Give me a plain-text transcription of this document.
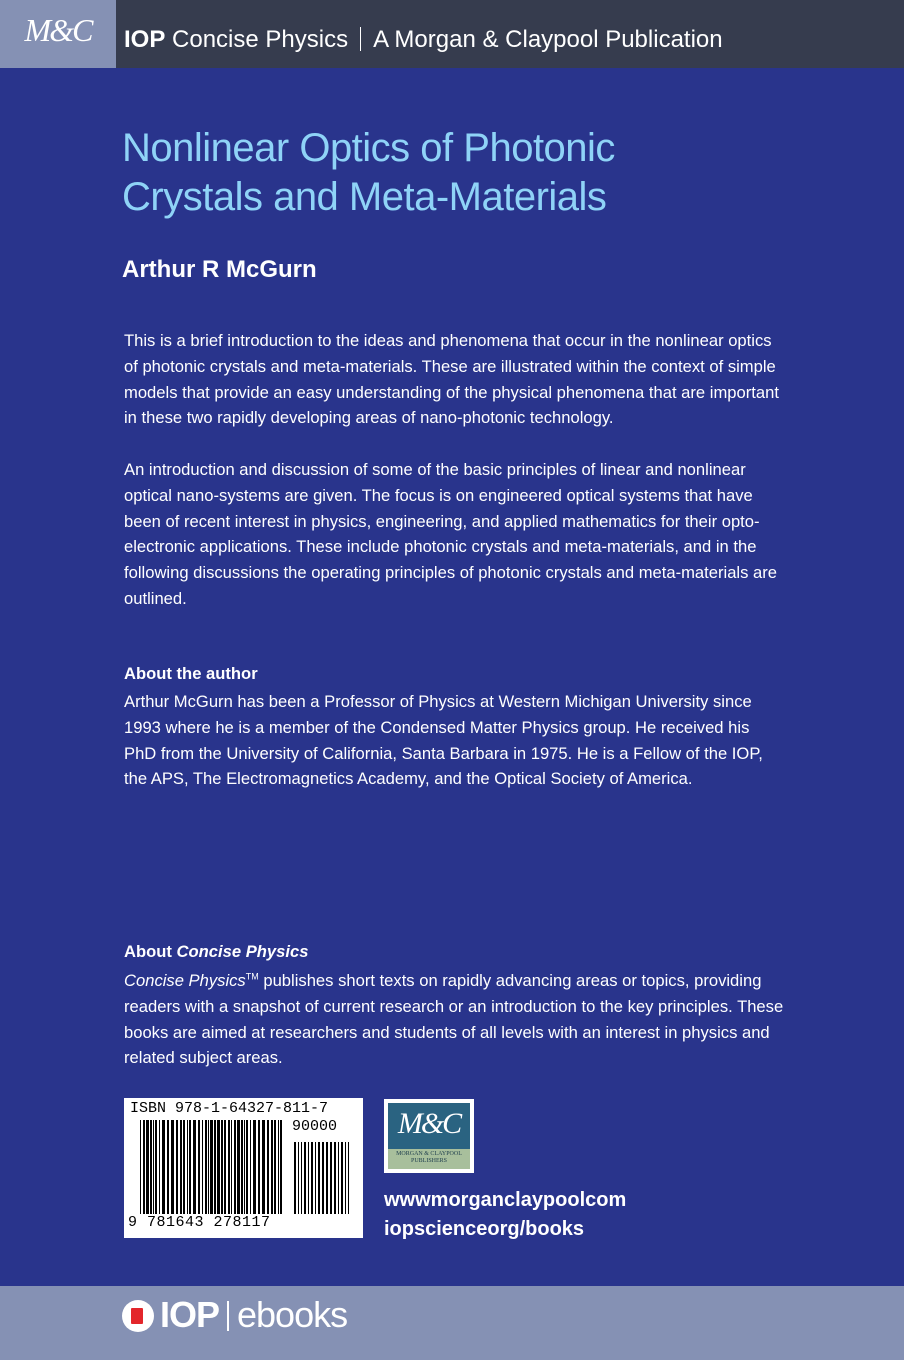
M&C	IOP Concise Physics A Morgan & Claypool Publication
Nonlinear Optics of Photonic
Crystals and Meta-Materials
Arthur R McGurn

This is a brief introduction to the ideas and phenomena that occur in the nonlinear optics of photonic crystals and meta-materials. These are illustrated within the context of simple models that provide an easy understanding of the physical phenomena that are important in these two rapidly developing areas of nano-photonic technology.

An introduction and discussion of some of the basic principles of linear and nonlinear optical nano-systems are given. The focus is on engineered optical systems that have been of recent interest in physics, engineering, and applied mathematics for their opto-electronic applications. These include photonic crystals and meta-materials, and in the following discussions the operating principles of photonic crystals and meta-materials are outlined.

About the author

Arthur McGurn has been a Professor of Physics at Western Michigan University since 1993 where he is a member of the Condensed Matter Physics group. He received his PhD from the University of California, Santa Barbara in 1975. He is a Fellow of the IOP, the APS, The Electromagnetics Academy, and the Optical Society of America.

About Concise Physics

Concise Physics™ publishes short texts on rapidly advancing areas or topics, providing readers with a snapshot of current research or an introduction to the key principles. These books are aimed at researchers and students of all levels with an interest in physics and related subject areas.

ISBN 978-1-64327-811-7
90000
9 781643 278117
M&C
MORGAN & CLAYPOOL
PUBLISHERS
wwwmorganclaypoolcom
iopscienceorg/books
IOP ebooks
